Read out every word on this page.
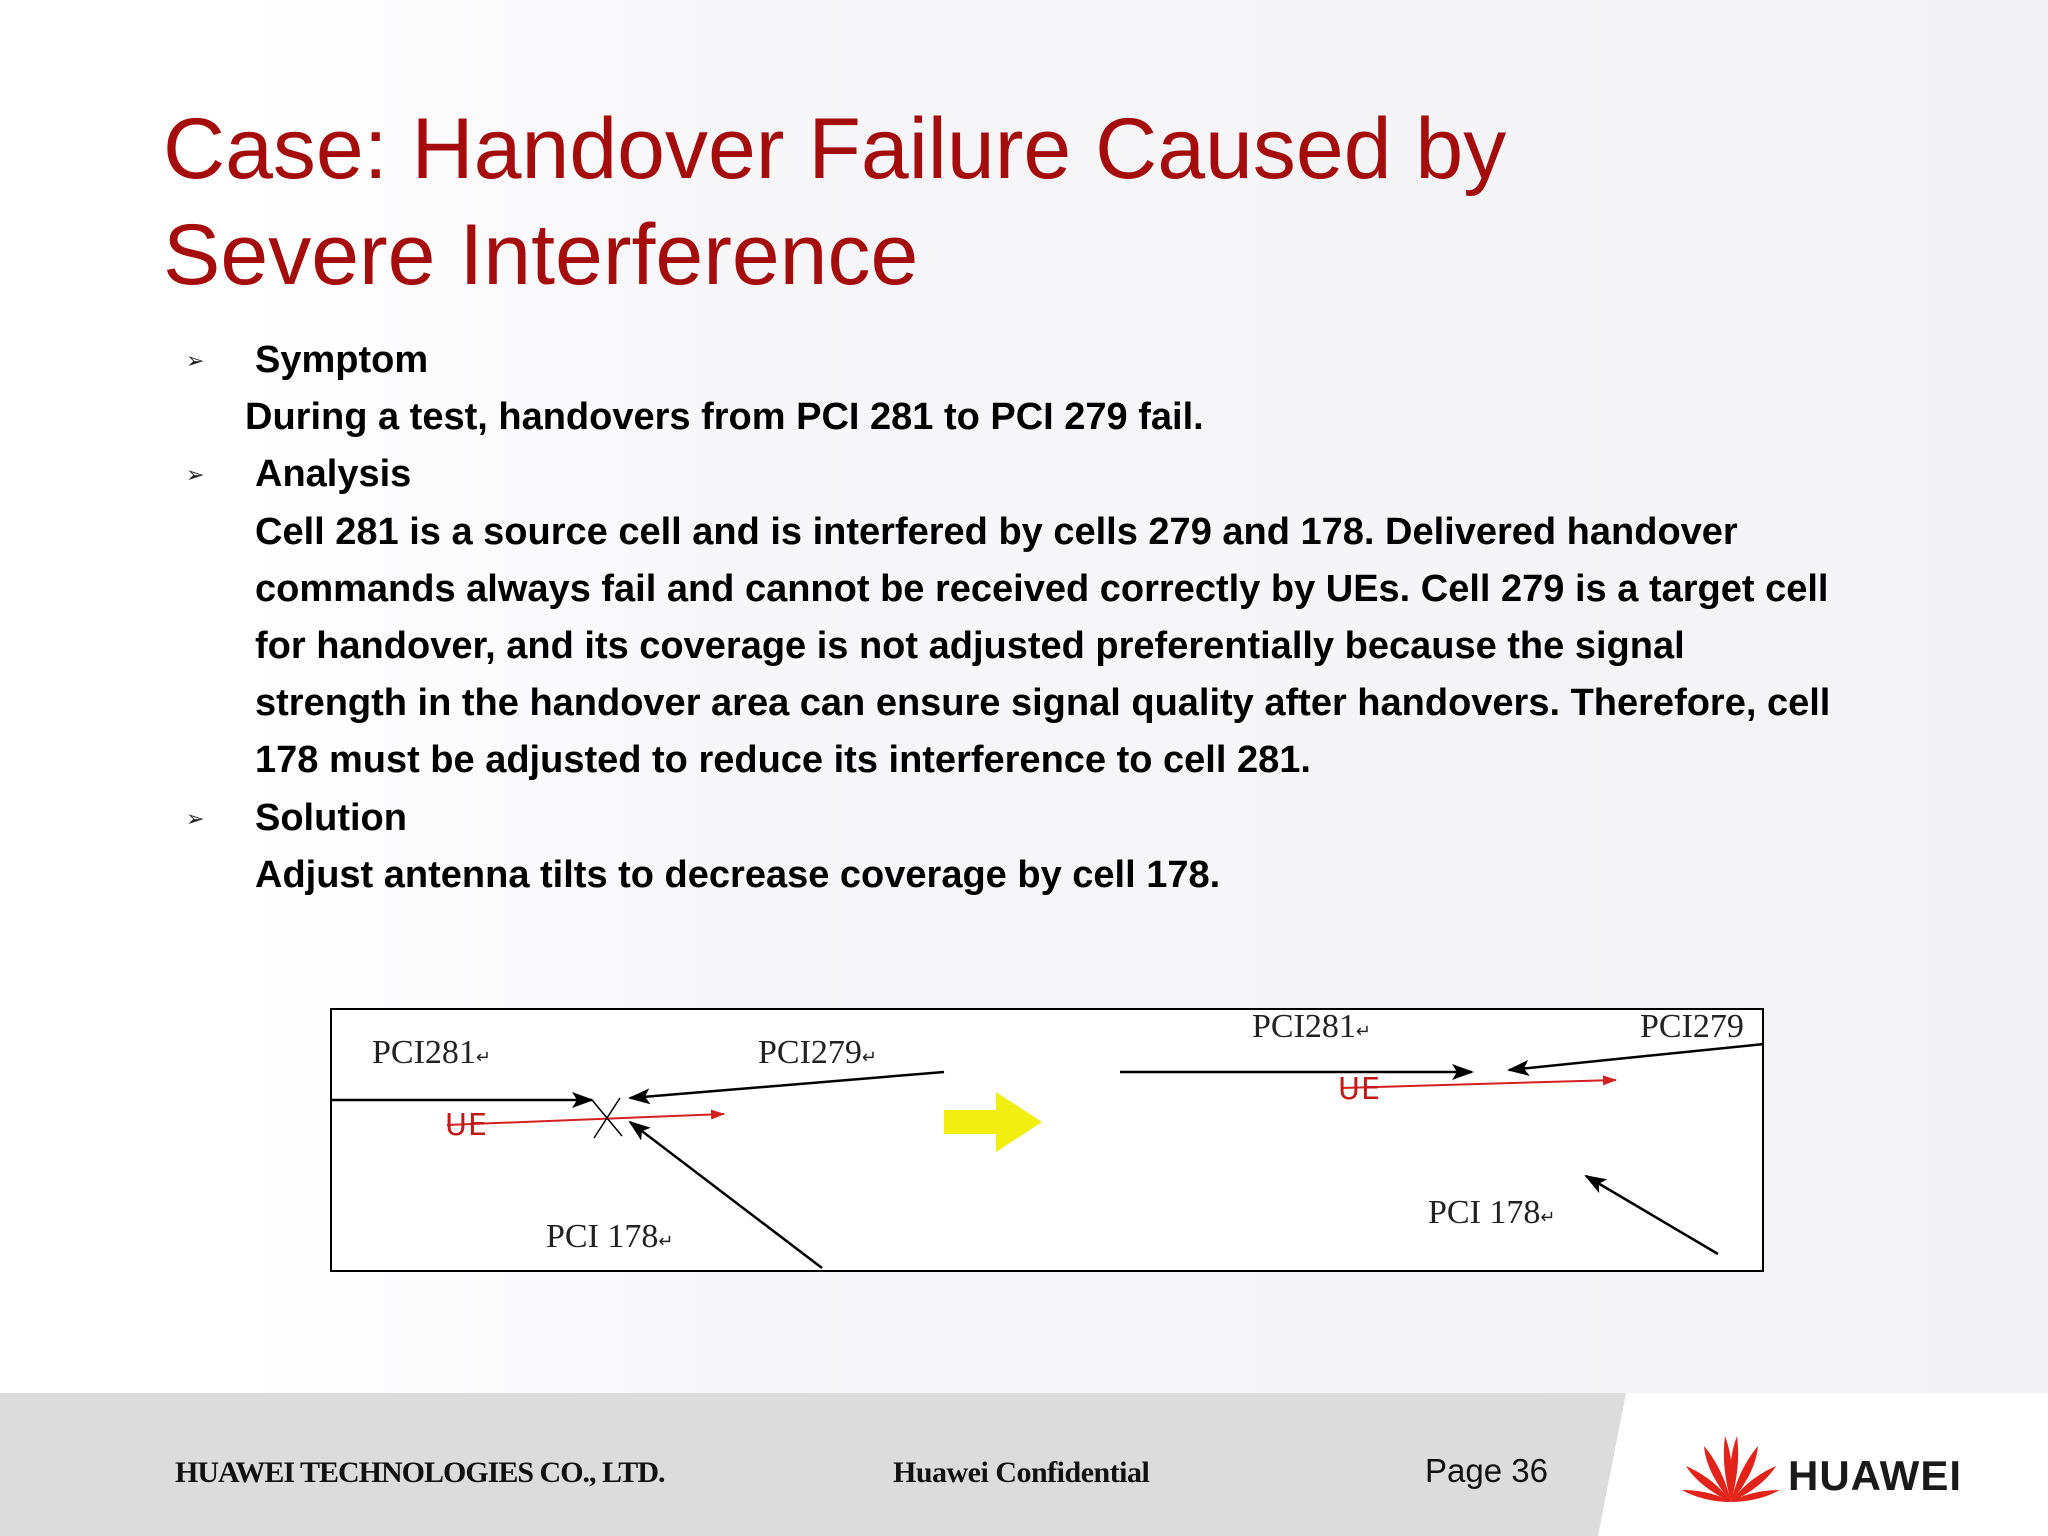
Case: Handover Failure Caused by
Severe Interference
➢ Symptom
During a test, handovers from PCI 281 to PCI 279 fail.
➢ Analysis
Cell 281 is a source cell and is interfered by cells 279 and 178. Delivered handover
commands always fail and cannot be received correctly by UEs. Cell 279 is a target cell
for handover, and its coverage is not adjusted preferentially because the signal
strength in the handover area can ensure signal quality after handovers. Therefore, cell
178 must be adjusted to reduce its interference to cell 281.
➢ Solution
Adjust antenna tilts to decrease coverage by cell 178.
PCI281↵	PCI279↵
PCI 178↵
UE
PCI281↵	PCI279
PCI 178↵
UE
HUAWEI TECHNOLOGIES CO., LTD.	Huawei Confidential	Page 36	HUAWEI
